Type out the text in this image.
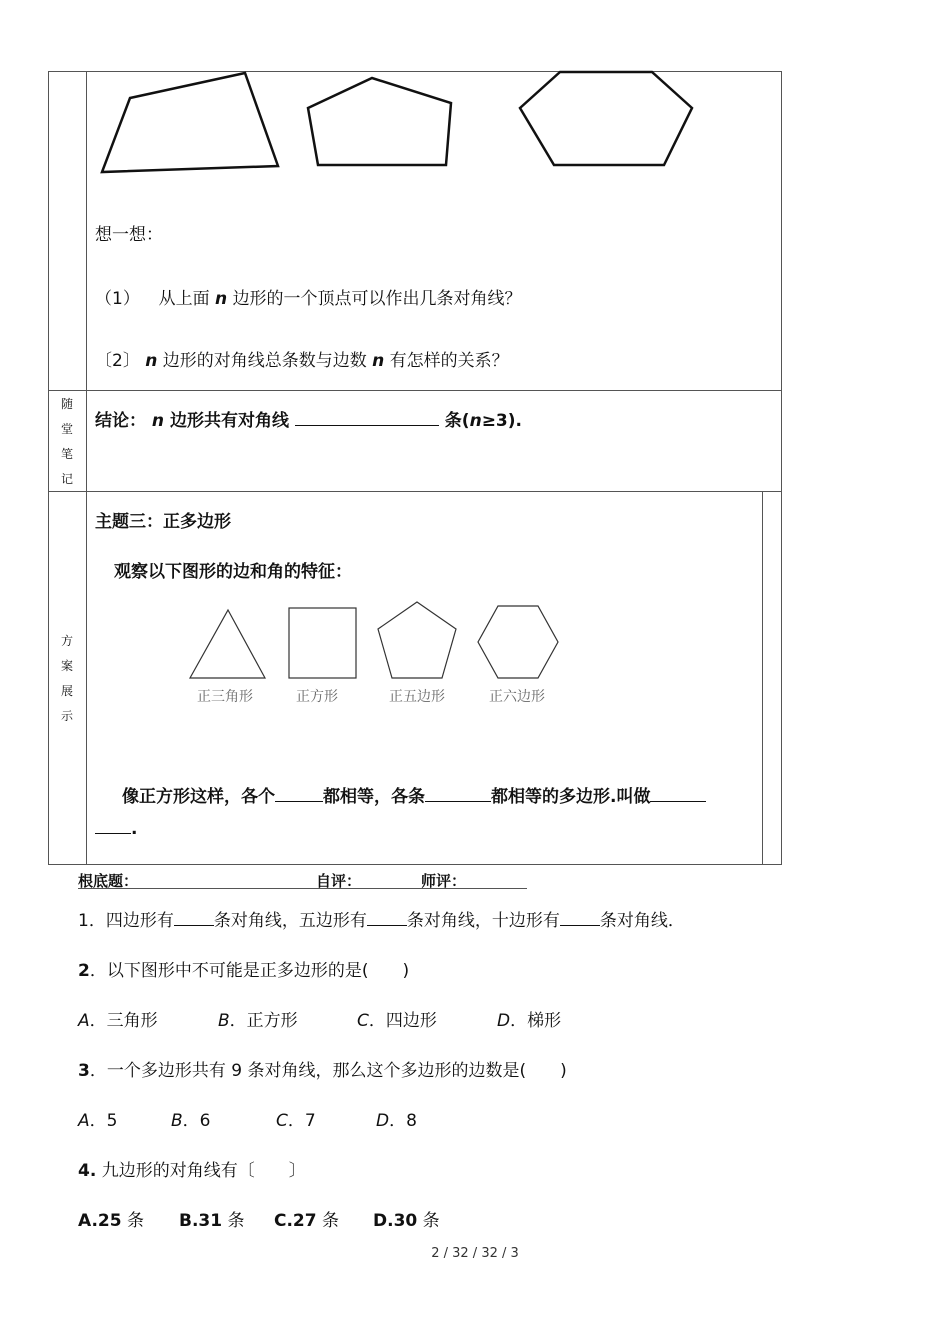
想一想：
（1） 从上面 n 边形的一个顶点可以作出几条对角线？
〔2〕 n 边形的对角线总条数与边数 n 有怎样的关系？
随
堂
笔
记
结论： n 边形共有对角线	条(n≥3).
方
案
展
示
主题三：正多边形
观察以下图形的边和角的特征：
正三角形	正方形	正五边形	正六边形
像正方形这样，各个	都相等，各条	都相等的多边形.叫做
.
根底题：	自评：	师评：
1．四边形有 条对角线，五边形有 条对角线，十边形有 条对角线．
2．以下图形中不可能是正多边形的是(　　)
A．三角形	B．正方形	C．四边形	D．梯形
3．一个多边形共有 9 条对角线，那么这个多边形的边数是(　　)
A．5	B．6	C．7	D．8
4. 九边形的对角线有〔　　〕
A.25 条 B.31 条 C.27 条 D.30 条
2 / 32 / 32 / 3
